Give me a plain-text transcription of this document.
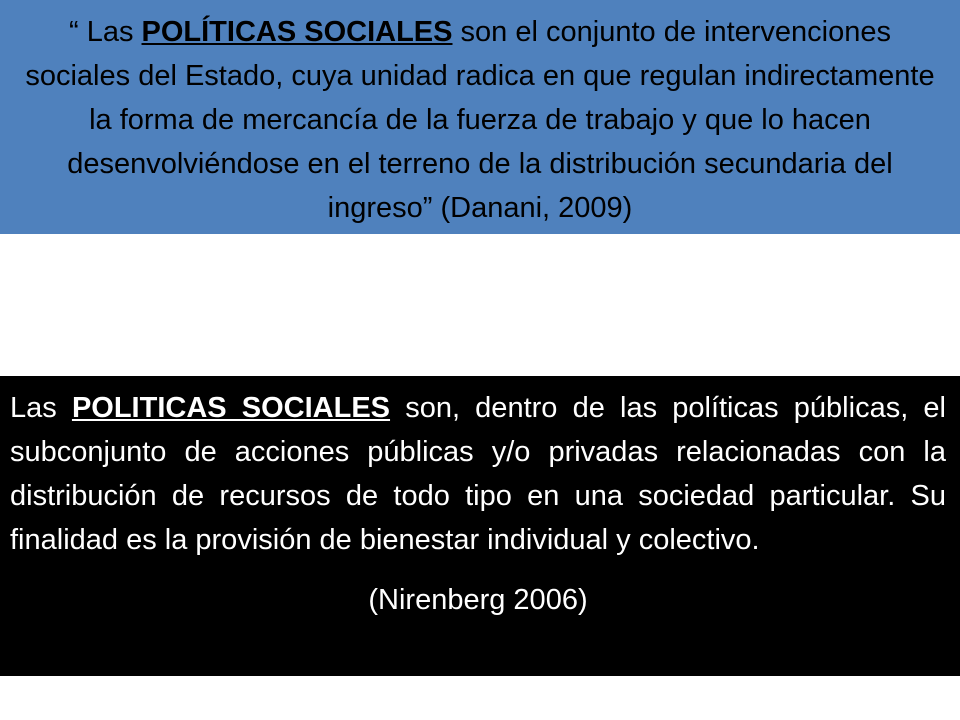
“ Las POLÍTICAS SOCIALES son el conjunto de intervenciones sociales del Estado, cuya unidad radica en que regulan indirectamente la forma de mercancía de la fuerza de trabajo y que lo hacen desenvolviéndose en el terreno de la distribución secundaria del ingreso” (Danani, 2009)

Las POLITICAS SOCIALES son, dentro de las políticas públicas, el subconjunto de acciones públicas y/o privadas relacionadas con la distribución de recursos de todo tipo en una sociedad particular. Su finalidad es la provisión de bienestar individual y colectivo.

(Nirenberg 2006)
